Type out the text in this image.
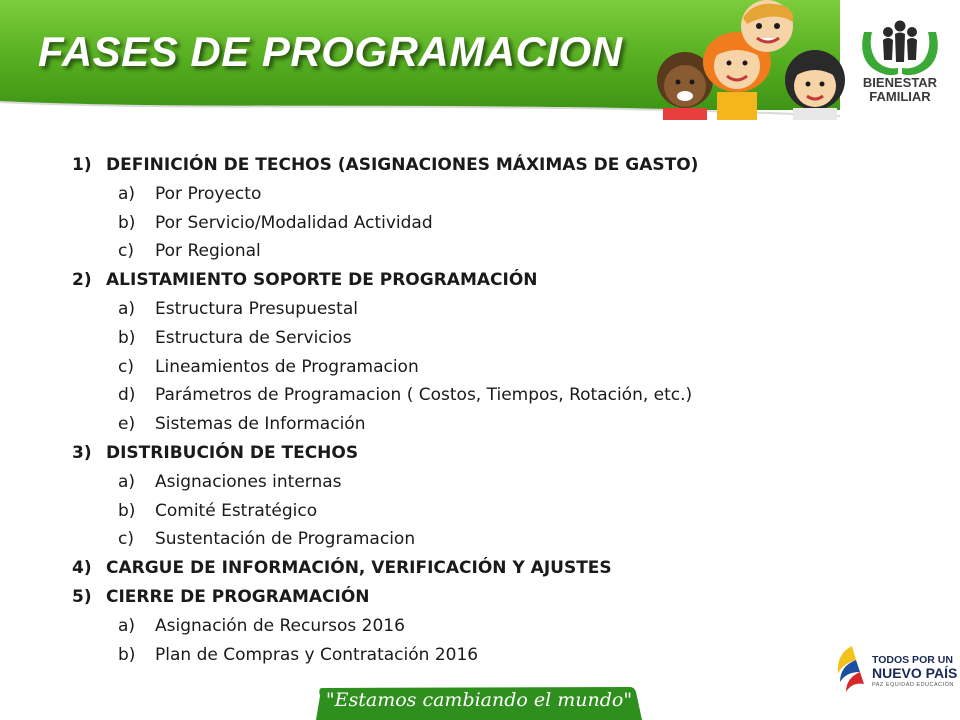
FASES DE PROGRAMACION
BIENESTAR
FAMILIAR
1) DEFINICIÓN DE TECHOS (ASIGNACIONES MÁXIMAS DE GASTO)
a) Por Proyecto
b) Por Servicio/Modalidad Actividad
c) Por Regional
2) ALISTAMIENTO SOPORTE DE PROGRAMACIÓN
a) Estructura Presupuestal
b) Estructura de Servicios
c) Lineamientos de Programacion
d) Parámetros de Programacion ( Costos, Tiempos, Rotación, etc.)
e) Sistemas de Información
3) DISTRIBUCIÓN DE TECHOS
a) Asignaciones internas
b) Comité Estratégico
c) Sustentación de Programacion
4) CARGUE DE INFORMACIÓN, VERIFICACIÓN Y AJUSTES
5) CIERRE DE PROGRAMACIÓN
a) Asignación de Recursos 2016
b) Plan de Compras y Contratación 2016
"Estamos cambiando el mundo"
TODOS POR UN
NUEVO PAÍS
PAZ EQUIDAD EDUCACIÓN
